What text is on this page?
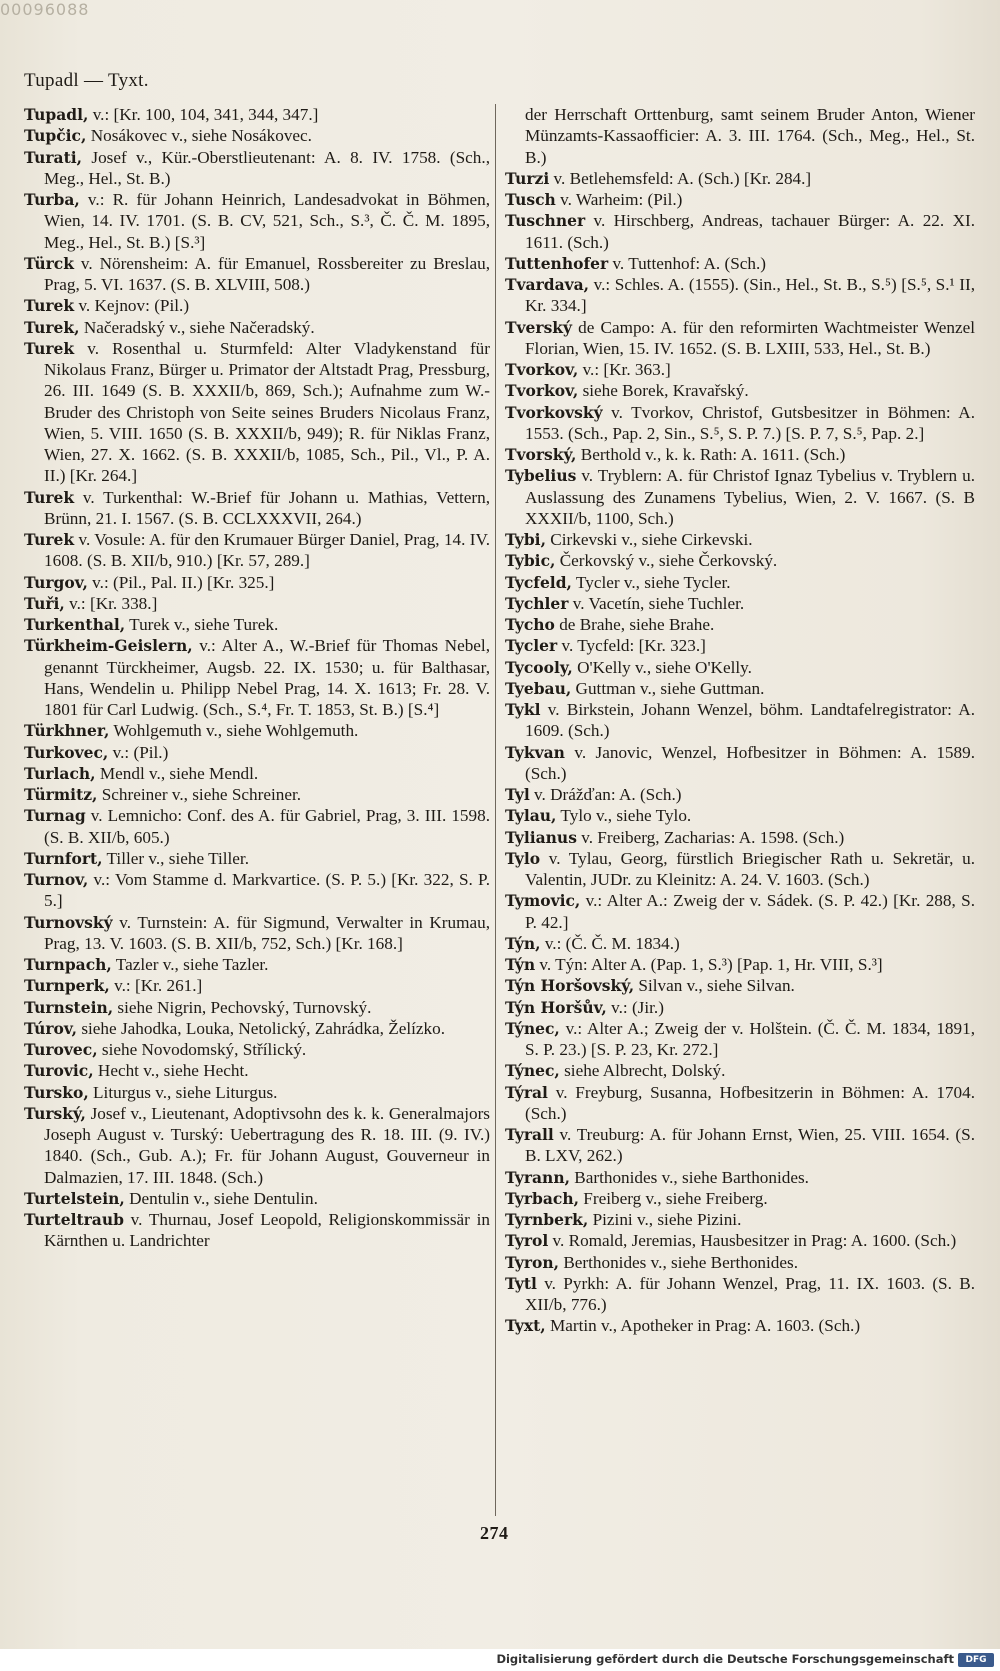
00096088
Tupadl — Tyxt.

Tupadl, v.: [Kr. 100, 104, 341, 344, 347.]

Tupčic, Nosákovec v., siehe Nosákovec.

Turati, Josef v., Kür.-Oberstlieutenant: A. 8. IV. 1758. (Sch., Meg., Hel., St. B.)

Turba, v.: R. für Johann Heinrich, Landesadvokat in Böhmen, Wien, 14. IV. 1701. (S. B. CV, 521, Sch., S.³, Č. Č. M. 1895, Meg., Hel., St. B.) [S.³]

Türck v. Nörensheim: A. für Emanuel, Rossbereiter zu Breslau, Prag, 5. VI. 1637. (S. B. XLVIII, 508.)

Turek v. Kejnov: (Pil.)

Turek, Načeradský v., siehe Načeradský.

Turek v. Rosenthal u. Sturmfeld: Alter Vladykenstand für Nikolaus Franz, Bürger u. Primator der Altstadt Prag, Pressburg, 26. III. 1649 (S. B. XXXII/b, 869, Sch.); Aufnahme zum W.-Bruder des Christoph von Seite seines Bruders Nicolaus Franz, Wien, 5. VIII. 1650 (S. B. XXXII/b, 949); R. für Niklas Franz, Wien, 27. X. 1662. (S. B. XXXII/b, 1085, Sch., Pil., Vl., P. A. II.) [Kr. 264.]

Turek v. Turkenthal: W.-Brief für Johann u. Mathias, Vettern, Brünn, 21. I. 1567. (S. B. CCLXXXVII, 264.)

Turek v. Vosule: A. für den Krumauer Bürger Daniel, Prag, 14. IV. 1608. (S. B. XII/b, 910.) [Kr. 57, 289.]

Turgov, v.: (Pil., Pal. II.) [Kr. 325.]

Tuři, v.: [Kr. 338.]

Turkenthal, Turek v., siehe Turek.

Türkheim-Geislern, v.: Alter A., W.-Brief für Thomas Nebel, genannt Türckheimer, Augsb. 22. IX. 1530; u. für Balthasar, Hans, Wendelin u. Philipp Nebel Prag, 14. X. 1613; Fr. 28. V. 1801 für Carl Ludwig. (Sch., S.⁴, Fr. T. 1853, St. B.) [S.⁴]

Türkhner, Wohlgemuth v., siehe Wohlgemuth.

Turkovec, v.: (Pil.)

Turlach, Mendl v., siehe Mendl.

Türmitz, Schreiner v., siehe Schreiner.

Turnag v. Lemnicho: Conf. des A. für Gabriel, Prag, 3. III. 1598. (S. B. XII/b, 605.)

Turnfort, Tiller v., siehe Tiller.

Turnov, v.: Vom Stamme d. Markvartice. (S. P. 5.) [Kr. 322, S. P. 5.]

Turnovský v. Turnstein: A. für Sigmund, Verwalter in Krumau, Prag, 13. V. 1603. (S. B. XII/b, 752, Sch.) [Kr. 168.]

Turnpach, Tazler v., siehe Tazler.

Turnperk, v.: [Kr. 261.]

Turnstein, siehe Nigrin, Pechovský, Turnovský.

Túrov, siehe Jahodka, Louka, Netolický, Zahrádka, Želízko.

Turovec, siehe Novodomský, Střílický.

Turovic, Hecht v., siehe Hecht.

Tursko, Liturgus v., siehe Liturgus.

Turský, Josef v., Lieutenant, Adoptivsohn des k. k. Generalmajors Joseph August v. Turský: Uebertragung des R. 18. III. (9. IV.) 1840. (Sch., Gub. A.); Fr. für Johann August, Gouverneur in Dalmazien, 17. III. 1848. (Sch.)

Turtelstein, Dentulin v., siehe Dentulin.

Turteltraub v. Thurnau, Josef Leopold, Religionskommissär in Kärnthen u. Landrichter

der Herrschaft Orttenburg, samt seinem Bruder Anton, Wiener Münzamts-Kassaofficier: A. 3. III. 1764. (Sch., Meg., Hel., St. B.)

Turzi v. Betlehemsfeld: A. (Sch.) [Kr. 284.]

Tusch v. Warheim: (Pil.)

Tuschner v. Hirschberg, Andreas, tachauer Bürger: A. 22. XI. 1611. (Sch.)

Tuttenhofer v. Tuttenhof: A. (Sch.)

Tvardava, v.: Schles. A. (1555). (Sin., Hel., St. B., S.⁵) [S.⁵, S.¹ II, Kr. 334.]

Tverský de Campo: A. für den reformirten Wachtmeister Wenzel Florian, Wien, 15. IV. 1652. (S. B. LXIII, 533, Hel., St. B.)

Tvorkov, v.: [Kr. 363.]

Tvorkov, siehe Borek, Kravařský.

Tvorkovský v. Tvorkov, Christof, Gutsbesitzer in Böhmen: A. 1553. (Sch., Pap. 2, Sin., S.⁵, S. P. 7.) [S. P. 7, S.⁵, Pap. 2.]

Tvorský, Berthold v., k. k. Rath: A. 1611. (Sch.)

Tybelius v. Tryblern: A. für Christof Ignaz Tybelius v. Tryblern u. Auslassung des Zunamens Tybelius, Wien, 2. V. 1667. (S. B XXXII/b, 1100, Sch.)

Tybi, Cirkevski v., siehe Cirkevski.

Tybic, Čerkovský v., siehe Čerkovský.

Tycfeld, Tycler v., siehe Tycler.

Tychler v. Vacetín, siehe Tuchler.

Tycho de Brahe, siehe Brahe.

Tycler v. Tycfeld: [Kr. 323.]

Tycooly, O'Kelly v., siehe O'Kelly.

Tyebau, Guttman v., siehe Guttman.

Tykl v. Birkstein, Johann Wenzel, böhm. Landtafelregistrator: A. 1609. (Sch.)

Tykvan v. Janovic, Wenzel, Hofbesitzer in Böhmen: A. 1589. (Sch.)

Tyl v. Drážďan: A. (Sch.)

Tylau, Tylo v., siehe Tylo.

Tylianus v. Freiberg, Zacharias: A. 1598. (Sch.)

Tylo v. Tylau, Georg, fürstlich Briegischer Rath u. Sekretär, u. Valentin, JUDr. zu Kleinitz: A. 24. V. 1603. (Sch.)

Tymovic, v.: Alter A.: Zweig der v. Sádek. (S. P. 42.) [Kr. 288, S. P. 42.]

Týn, v.: (Č. Č. M. 1834.)

Týn v. Týn: Alter A. (Pap. 1, S.³) [Pap. 1, Hr. VIII, S.³]

Týn Horšovský, Silvan v., siehe Silvan.

Týn Horšův, v.: (Jir.)

Týnec, v.: Alter A.; Zweig der v. Holštein. (Č. Č. M. 1834, 1891, S. P. 23.) [S. P. 23, Kr. 272.]

Týnec, siehe Albrecht, Dolský.

Týral v. Freyburg, Susanna, Hofbesitzerin in Böhmen: A. 1704. (Sch.)

Tyrall v. Treuburg: A. für Johann Ernst, Wien, 25. VIII. 1654. (S. B. LXV, 262.)

Tyrann, Barthonides v., siehe Barthonides.

Tyrbach, Freiberg v., siehe Freiberg.

Tyrnberk, Pizini v., siehe Pizini.

Tyrol v. Romald, Jeremias, Hausbesitzer in Prag: A. 1600. (Sch.)

Tyron, Berthonides v., siehe Berthonides.

Tytl v. Pyrkh: A. für Johann Wenzel, Prag, 11. IX. 1603. (S. B. XII/b, 776.)

Tyxt, Martin v., Apotheker in Prag: A. 1603. (Sch.)

274
Digitalisierung gefördert durch die Deutsche Forschungsgemeinschaft	DFG
